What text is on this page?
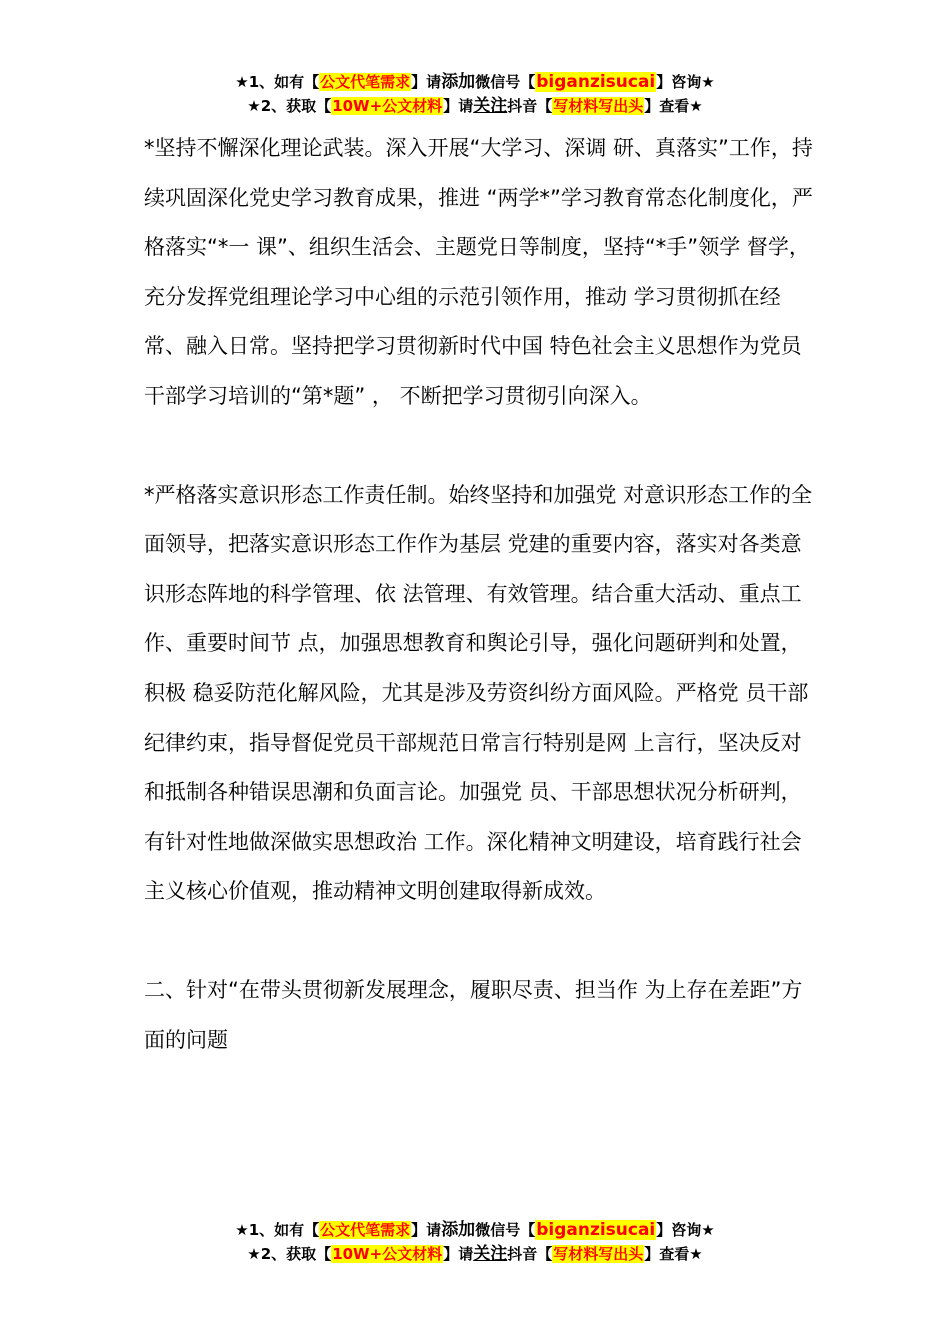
★1、如有【公文代笔需求】请添加微信号【biganzisucai】咨询★
★2、获取【10W+公文材料】请关注抖音【写材料写出头】查看★

*坚持不懈深化理论武装。深入开展“大学习、深调 研、真落实”工作，持续巩固深化党史学习教育成果，推进 “两学*”学习教育常态化制度化，严格落实“*一 课”、组织生活会、主题党日等制度，坚持“*手”领学 督学，充分发挥党组理论学习中心组的示范引领作用，推动 学习贯彻抓在经常、融入日常。坚持把学习贯彻新时代中国 特色社会主义思想作为党员干部学习培训的“第*题” ， 不断把学习贯彻引向深入。

*严格落实意识形态工作责任制。始终坚持和加强党 对意识形态工作的全面领导，把落实意识形态工作作为基层 党建的重要内容，落实对各类意识形态阵地的科学管理、依 法管理、有效管理。结合重大活动、重点工作、重要时间节 点，加强思想教育和舆论引导，强化问题研判和处置，积极 稳妥防范化解风险，尤其是涉及劳资纠纷方面风险。严格党 员干部纪律约束，指导督促党员干部规范日常言行特别是网 上言行，坚决反对和抵制各种错误思潮和负面言论。加强党 员、干部思想状况分析研判，有针对性地做深做实思想政治 工作。深化精神文明建设，培育践行社会主义核心价值观，推动精神文明创建取得新成效。

二、针对“在带头贯彻新发展理念，履职尽责、担当作 为上存在差距”方面的问题

★1、如有【公文代笔需求】请添加微信号【biganzisucai】咨询★
★2、获取【10W+公文材料】请关注抖音【写材料写出头】查看★
